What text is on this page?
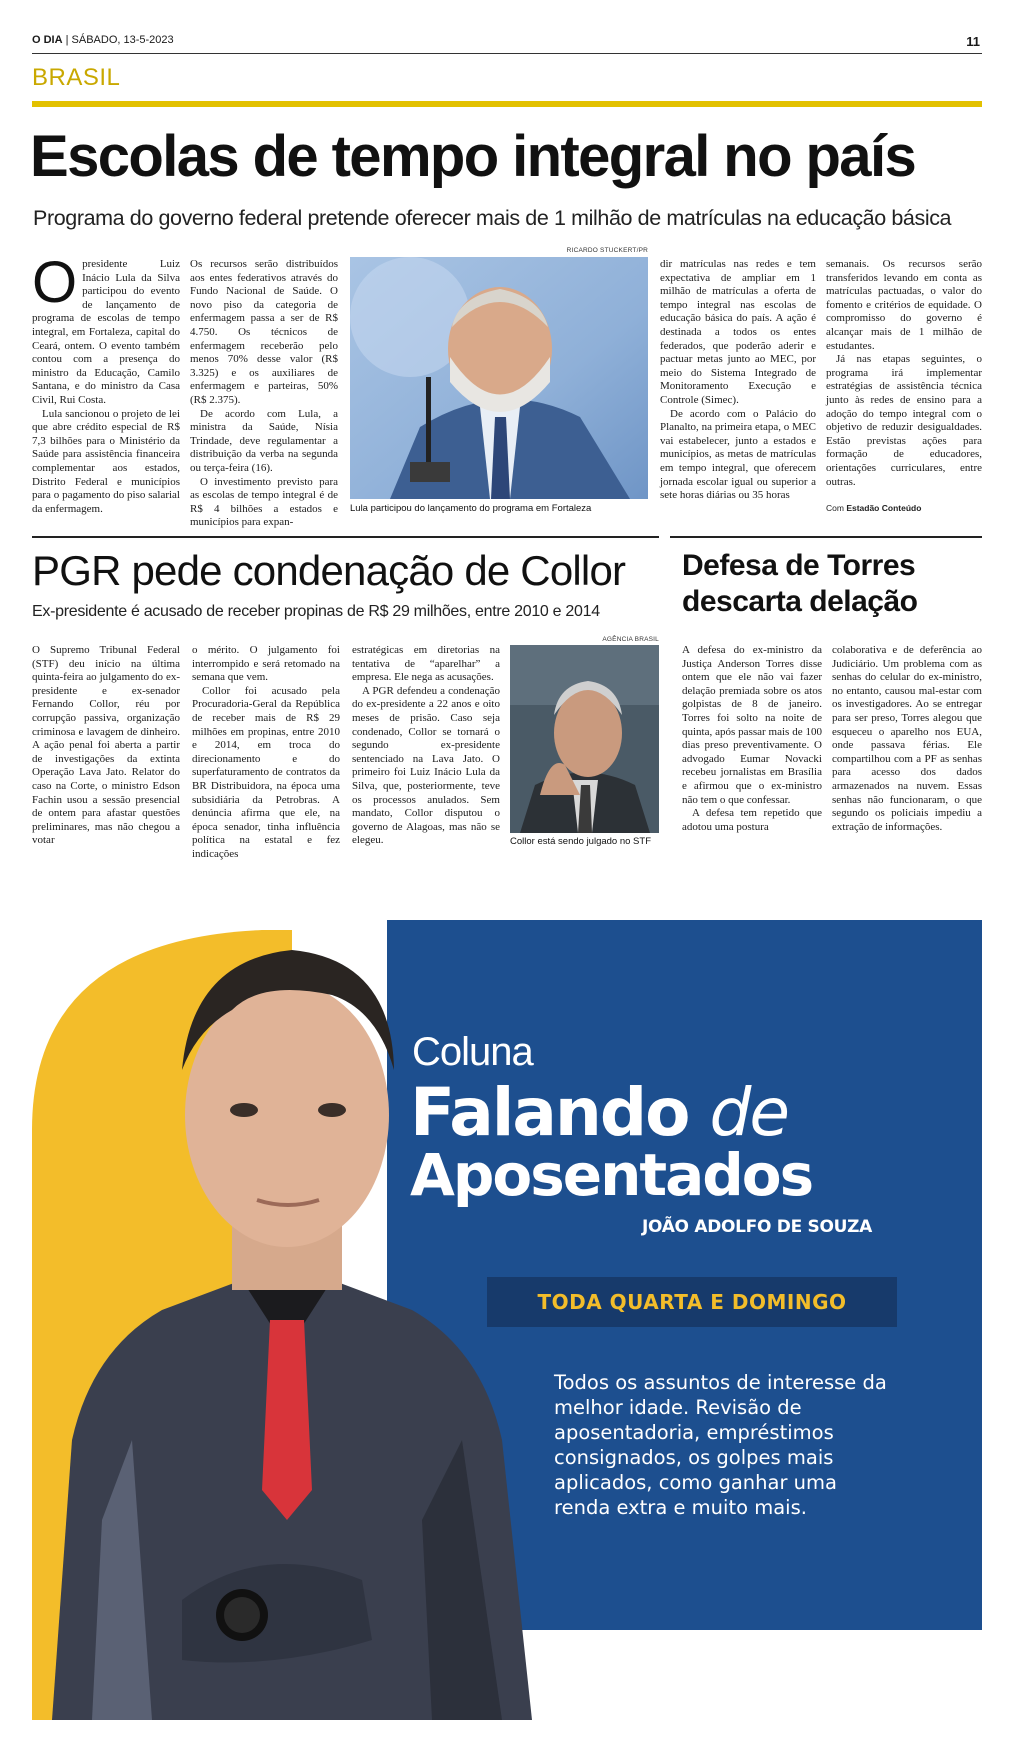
O DIA | SÁBADO, 13-5-2023	11
BRASIL
Escolas de tempo integral no país
Programa do governo federal pretende oferecer mais de 1 milhão de matrículas na educação básica

Opresidente Luiz Inácio Lula da Silva participou do evento de lançamento de programa de escolas de tempo integral, em Fortaleza, capital do Ceará, ontem. O evento também contou com a presença do ministro da Educação, Camilo Santana, e do ministro da Casa Civil, Rui Costa.

Lula sancionou o projeto de lei que abre crédito especial de R$ 7,3 bilhões para o Ministério da Saúde para assistência financeira complementar aos estados, Distrito Federal e municípios para o pagamento do piso salarial da enfermagem.

Os recursos serão distribuídos aos entes federativos através do Fundo Nacional de Saúde. O novo piso da categoria de enfermagem passa a ser de R$ 4.750. Os técnicos de enfermagem receberão pelo menos 70% desse valor (R$ 3.325) e os auxiliares de enfermagem e parteiras, 50% (R$ 2.375).

De acordo com Lula, a ministra da Saúde, Nísia Trindade, deve regulamentar a distribuição da verba na segunda ou terça-feira (16).

O investimento previsto para as escolas de tempo integral é de R$ 4 bilhões a estados e municípios para expan-

RICARDO STUCKERT/PR
Lula participou do lançamento do programa em Fortaleza

dir matrículas nas redes e tem expectativa de ampliar em 1 milhão de matrículas a oferta de tempo integral nas escolas de educação básica do país. A ação é destinada a todos os entes federados, que poderão aderir e pactuar metas junto ao MEC, por meio do Sistema Integrado de Monitoramento Execução e Controle (Simec).

De acordo com o Palácio do Planalto, na primeira etapa, o MEC vai estabelecer, junto a estados e municípios, as metas de matrículas em tempo integral, que oferecem jornada escolar igual ou superior a sete horas diárias ou 35 horas

semanais. Os recursos serão transferidos levando em conta as matrículas pactuadas, o valor do fomento e critérios de equidade. O compromisso do governo é alcançar mais de 1 milhão de estudantes.

Já nas etapas seguintes, o programa irá implementar estratégias de assistência técnica junto às redes de ensino para a adoção do tempo integral com o objetivo de reduzir desigualdades. Estão previstas ações para formação de educadores, orientações curriculares, entre outras.

Com Estadão Conteúdo
PGR pede condenação de Collor
Ex-presidente é acusado de receber propinas de R$ 29 milhões, entre 2010 e 2014

O Supremo Tribunal Federal (STF) deu início na última quinta-feira ao julgamento do ex-presidente e ex-senador Fernando Collor, réu por corrupção passiva, organização criminosa e lavagem de dinheiro. A ação penal foi aberta a partir de investigações da extinta Operação Lava Jato. Relator do caso na Corte, o ministro Edson Fachin usou a sessão presencial de ontem para afastar questões preliminares, mas não chegou a votar

o mérito. O julgamento foi interrompido e será retomado na semana que vem.

Collor foi acusado pela Procuradoria-Geral da República de receber mais de R$ 29 milhões em propinas, entre 2010 e 2014, em troca do direcionamento e do superfaturamento de contratos da BR Distribuidora, na época uma subsidiária da Petrobras. A denúncia afirma que ele, na época senador, tinha influência política na estatal e fez indicações

estratégicas em diretorias na tentativa de “aparelhar” a empresa. Ele nega as acusações.

A PGR defendeu a condenação do ex-presidente a 22 anos e oito meses de prisão. Caso seja condenado, Collor se tornará o segundo ex-presidente sentenciado na Lava Jato. O primeiro foi Luiz Inácio Lula da Silva, que, posteriormente, teve os processos anulados. Sem mandato, Collor disputou o governo de Alagoas, mas não se elegeu.

AGÊNCIA BRASIL
Collor está sendo julgado no STF
Defesa de Torres
descarta delação

A defesa do ex-ministro da Justiça Anderson Torres disse ontem que ele não vai fazer delação premiada sobre os atos golpistas de 8 de janeiro. Torres foi solto na noite de quinta, após passar mais de 100 dias preso preventivamente. O advogado Eumar Novacki recebeu jornalistas em Brasília e afirmou que o ex-ministro não tem o que confessar.

A defesa tem repetido que adotou uma postura

colaborativa e de deferência ao Judiciário. Um problema com as senhas do celular do ex-ministro, no entanto, causou mal-estar com os investigadores. Ao se entregar para ser preso, Torres alegou que esqueceu o aparelho nos EUA, onde passava férias. Ele compartilhou com a PF as senhas para acesso dos dados armazenados na nuvem. Essas senhas não funcionaram, o que segundo os policiais impediu a extração de informações.

Coluna
Falando de
Aposentados
JOÃO ADOLFO DE SOUZA
TODA QUARTA E DOMINGO
Todos os assuntos de interesse da melhor idade. Revisão de aposentadoria, empréstimos consignados, os golpes mais aplicados, como ganhar uma renda extra e muito mais.
